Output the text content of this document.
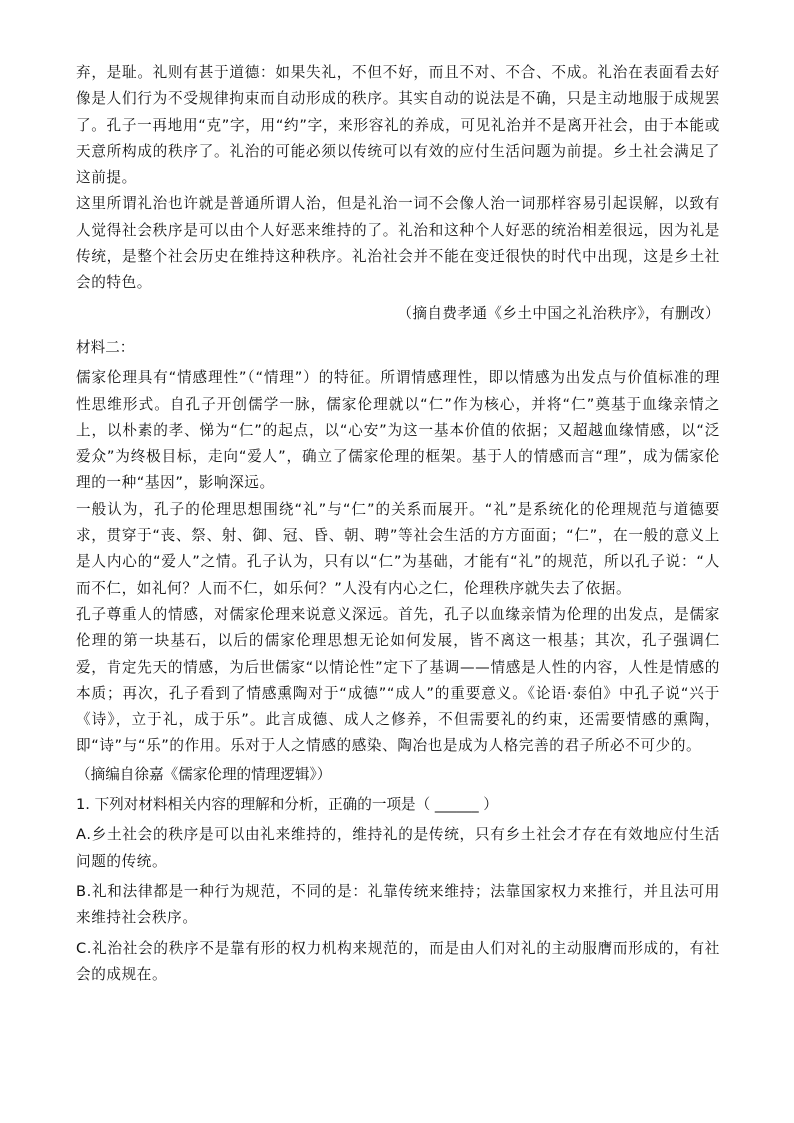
弃，是耻。礼则有甚于道德：如果失礼，不但不好，而且不对、不合、不成。礼治在表面看去好像是人们行为不受规律拘束而自动形成的秩序。其实自动的说法是不确，只是主动地服于成规罢了。孔子一再地用“克”字，用“约”字，来形容礼的养成，可见礼治并不是离开社会，由于本能或天意所构成的秩序了。礼治的可能必须以传统可以有效的应付生活问题为前提。乡土社会满足了这前提。

这里所谓礼治也许就是普通所谓人治，但是礼治一词不会像人治一词那样容易引起误解，以致有人觉得社会秩序是可以由个人好恶来维持的了。礼治和这种个人好恶的统治相差很远，因为礼是传统，是整个社会历史在维持这种秩序。礼治社会并不能在变迁很快的时代中出现，这是乡土社会的特色。

（摘自费孝通《乡土中国之礼治秩序》，有删改）

材料二：

儒家伦理具有“情感理性”（“情理”）的特征。所谓情感理性，即以情感为出发点与价值标准的理性思维形式。自孔子开创儒学一脉，儒家伦理就以“仁”作为核心，并将“仁”奠基于血缘亲情之上，以朴素的孝、悌为“仁”的起点，以“心安”为这一基本价值的依据；又超越血缘情感，以“泛爱众”为终极目标，走向“爱人”，确立了儒家伦理的框架。基于人的情感而言“理”，成为儒家伦理的一种“基因”，影响深远。

一般认为，孔子的伦理思想围绕“礼”与“仁”的关系而展开。“礼”是系统化的伦理规范与道德要求，贯穿于“丧、祭、射、御、冠、昏、朝、聘”等社会生活的方方面面；“仁”，在一般的意义上是人内心的“爱人”之情。孔子认为，只有以“仁”为基础，才能有“礼”的规范，所以孔子说：“人而不仁，如礼何？人而不仁，如乐何？”人没有内心之仁，伦理秩序就失去了依据。

孔子尊重人的情感，对儒家伦理来说意义深远。首先，孔子以血缘亲情为伦理的出发点，是儒家伦理的第一块基石，以后的儒家伦理思想无论如何发展，皆不离这一根基；其次，孔子强调仁爱，肯定先天的情感，为后世儒家“以情论性”定下了基调——情感是人性的内容，人性是情感的本质；再次，孔子看到了情感熏陶对于“成德”“成人”的重要意义。《论语·泰伯》中孔子说“兴于《诗》，立于礼，成于乐”。此言成德、成人之修养，不但需要礼的约束，还需要情感的熏陶，即“诗”与“乐”的作用。乐对于人之情感的感染、陶冶也是成为人格完善的君子所必不可少的。

（摘编自徐嘉《儒家伦理的情理逻辑》）

1. 下列对材料相关内容的理解和分析，正确的一项是（ ______ ）

A.乡土社会的秩序是可以由礼来维持的，维持礼的是传统，只有乡土社会才存在有效地应付生活问题的传统。

B.礼和法律都是一种行为规范，不同的是：礼靠传统来维持；法靠国家权力来推行，并且法可用来维持社会秩序。

C.礼治社会的秩序不是靠有形的权力机构来规范的，而是由人们对礼的主动服膺而形成的，有社会的成规在。
